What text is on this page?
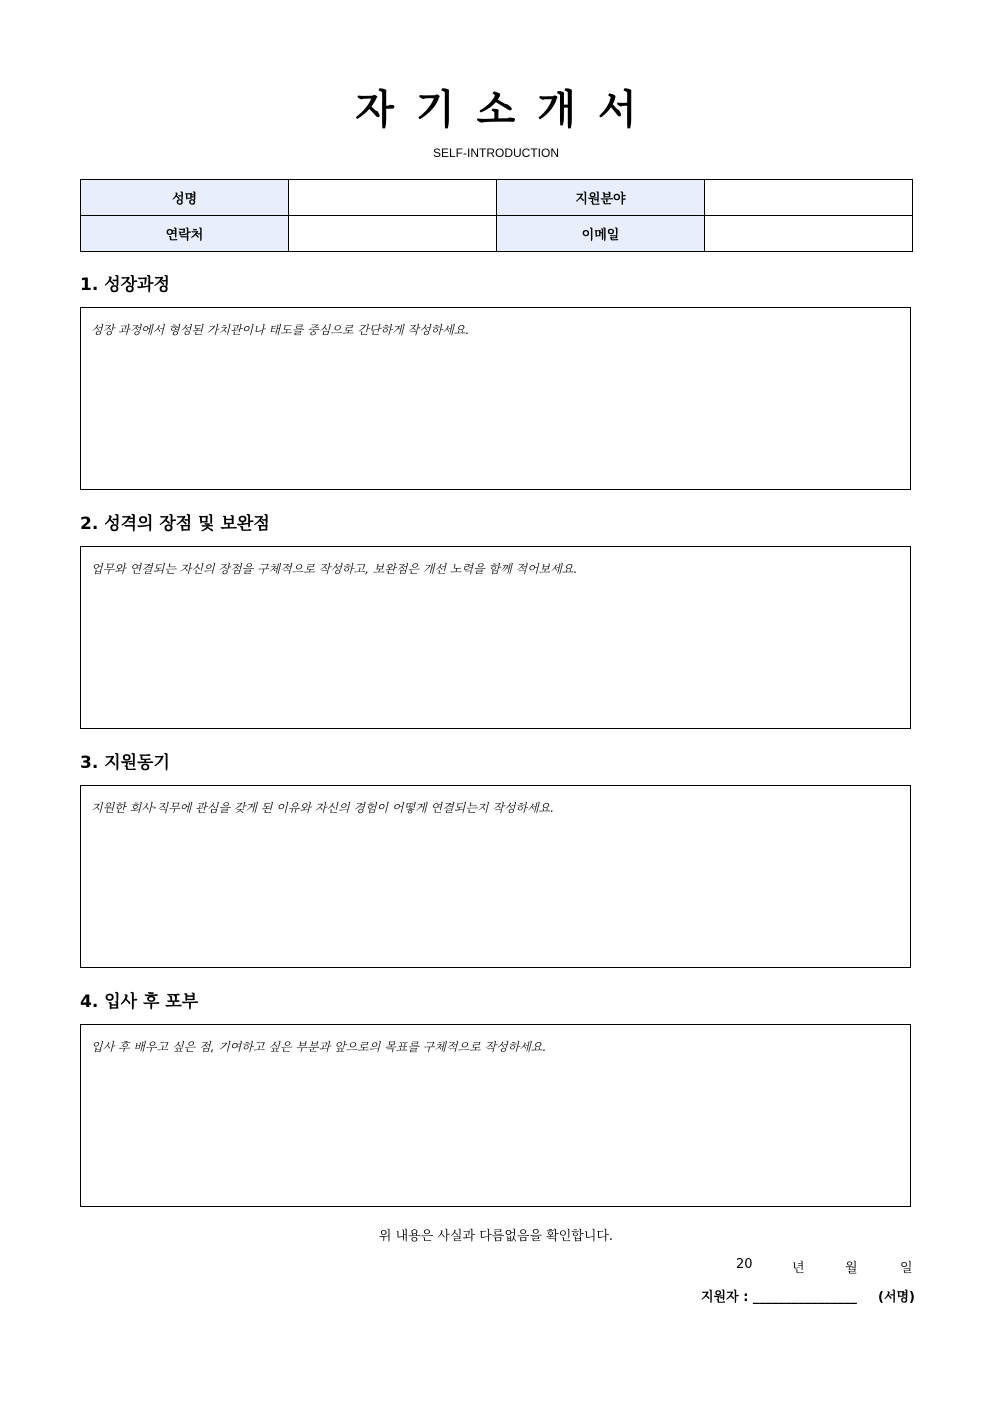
자기소개서
SELF-INTRODUCTION
성명		지원분야	
연락처		이메일	
1. 성장과정
성장 과정에서 형성된 가치관이나 태도를 중심으로 간단하게 작성하세요.
2. 성격의 장점 및 보완점
업무와 연결되는 자신의 장점을 구체적으로 작성하고, 보완점은 개선 노력을 함께 적어보세요.
3. 지원동기
지원한 회사·직무에 관심을 갖게 된 이유와 자신의 경험이 어떻게 연결되는지 작성하세요.
4. 입사 후 포부
입사 후 배우고 싶은 점, 기여하고 싶은 부분과 앞으로의 목표를 구체적으로 작성하세요.
위 내용은 사실과 다름없음을 확인합니다.
20	년	월	일
지원자 : ________________ (서명)
